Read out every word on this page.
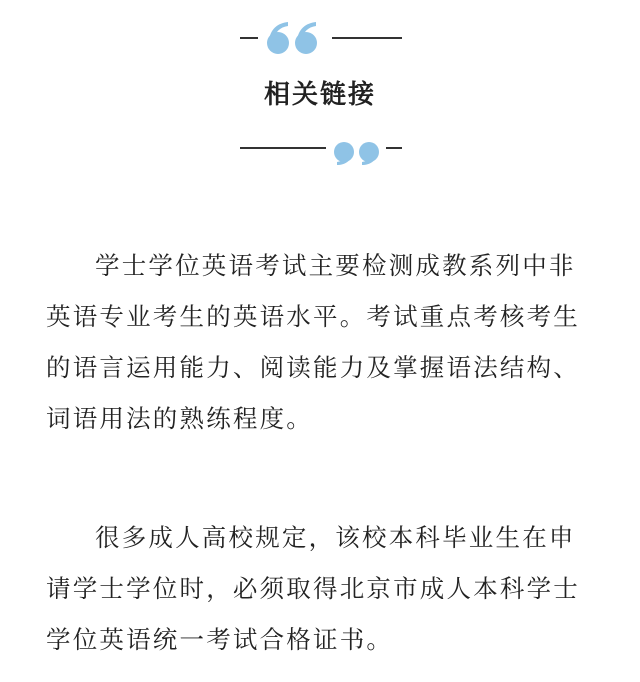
相关链接

学士学位英语考试主要检测成教系列中非英语专业考生的英语水平。考试重点考核考生的语言运用能力、阅读能力及掌握语法结构、词语用法的熟练程度。

很多成人高校规定，该校本科毕业生在申请学士学位时，必须取得北京市成人本科学士学位英语统一考试合格证书。
